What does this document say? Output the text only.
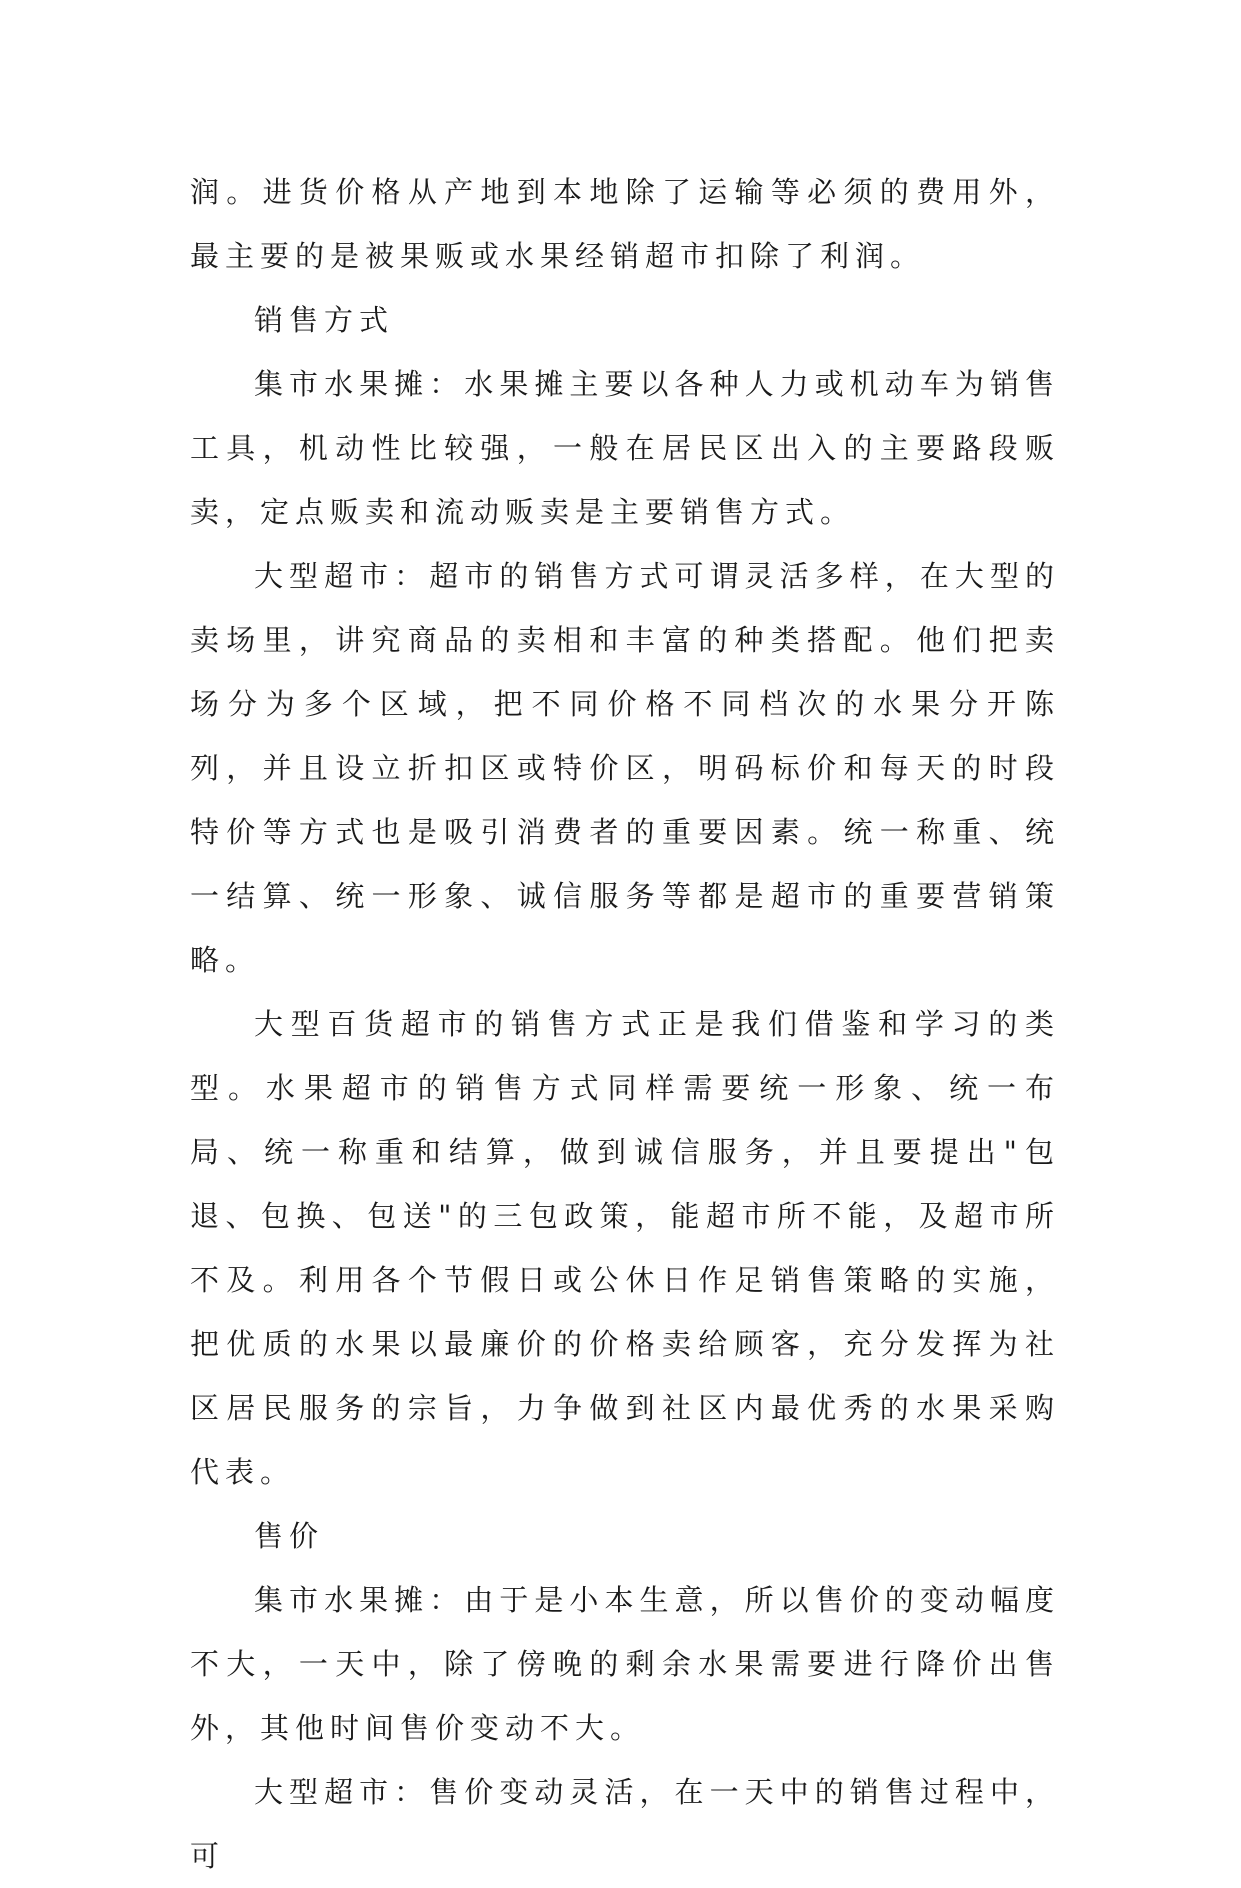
润。进货价格从产地到本地除了运输等必须的费用外，最主要的是被果贩或水果经销超市扣除了利润。

销售方式

集市水果摊：水果摊主要以各种人力或机动车为销售工具，机动性比较强，一般在居民区出入的主要路段贩卖，定点贩卖和流动贩卖是主要销售方式。

大型超市：超市的销售方式可谓灵活多样，在大型的卖场里，讲究商品的卖相和丰富的种类搭配。他们把卖场分为多个区域，把不同价格不同档次的水果分开陈列，并且设立折扣区或特价区，明码标价和每天的时段特价等方式也是吸引消费者的重要因素。统一称重、统一结算、统一形象、诚信服务等都是超市的重要营销策略。

大型百货超市的销售方式正是我们借鉴和学习的类型。水果超市的销售方式同样需要统一形象、统一布局、统一称重和结算，做到诚信服务，并且要提出"包退、包换、包送"的三包政策，能超市所不能，及超市所不及。利用各个节假日或公休日作足销售策略的实施，把优质的水果以最廉价的价格卖给顾客，充分发挥为社区居民服务的宗旨，力争做到社区内最优秀的水果采购代表。

售价

集市水果摊：由于是小本生意，所以售价的变动幅度不大，一天中，除了傍晚的剩余水果需要进行降价出售外，其他时间售价变动不大。

大型超市：售价变动灵活，在一天中的销售过程中，可
